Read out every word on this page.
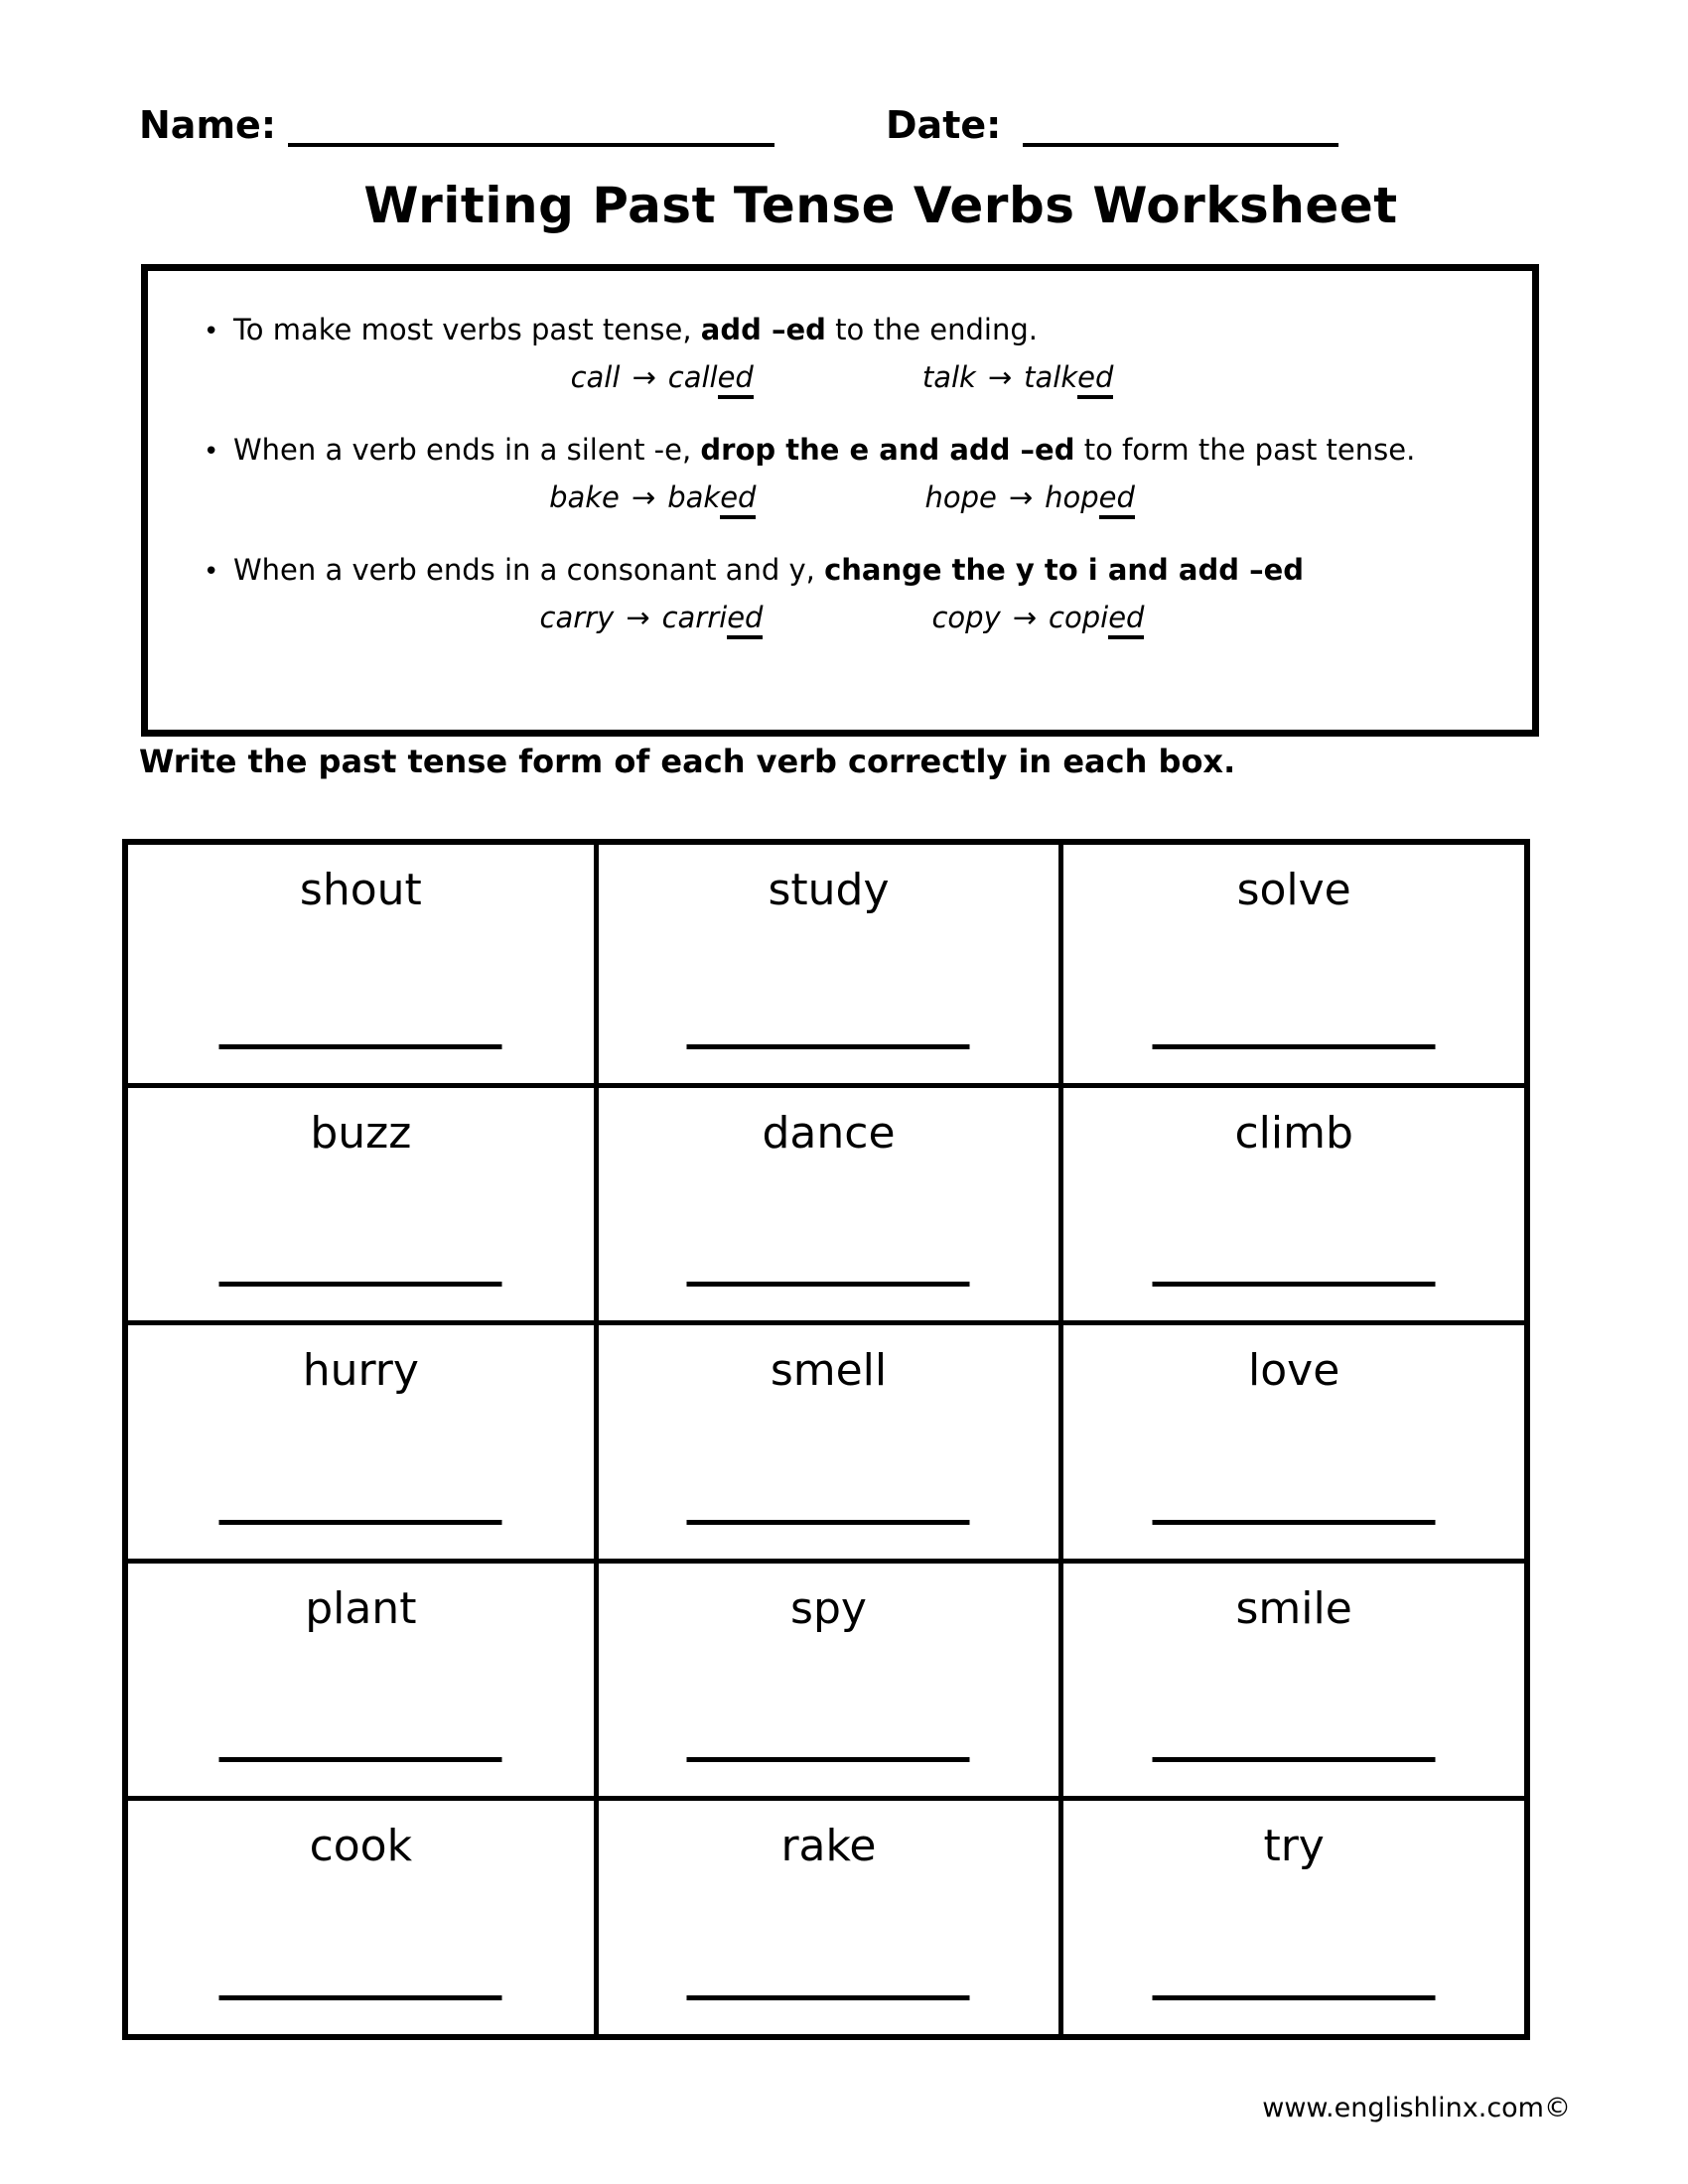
Name:	Date:
Writing Past Tense Verbs Worksheet

• To make most verbs past tense, add –ed to the ending.

call → called	talk → talked

• When a verb ends in a silent -e, drop the e and add –ed to form the past tense.

bake → baked	hope → hoped

• When a verb ends in a consonant and y, change the y to i and add –ed

carry → carried	copy → copied
Write the past tense form of each verb correctly in each box.
shout	study	solve
buzz	dance	climb
hurry	smell	love
plant	spy	smile
cook	rake	try
www.englishlinx.com©
